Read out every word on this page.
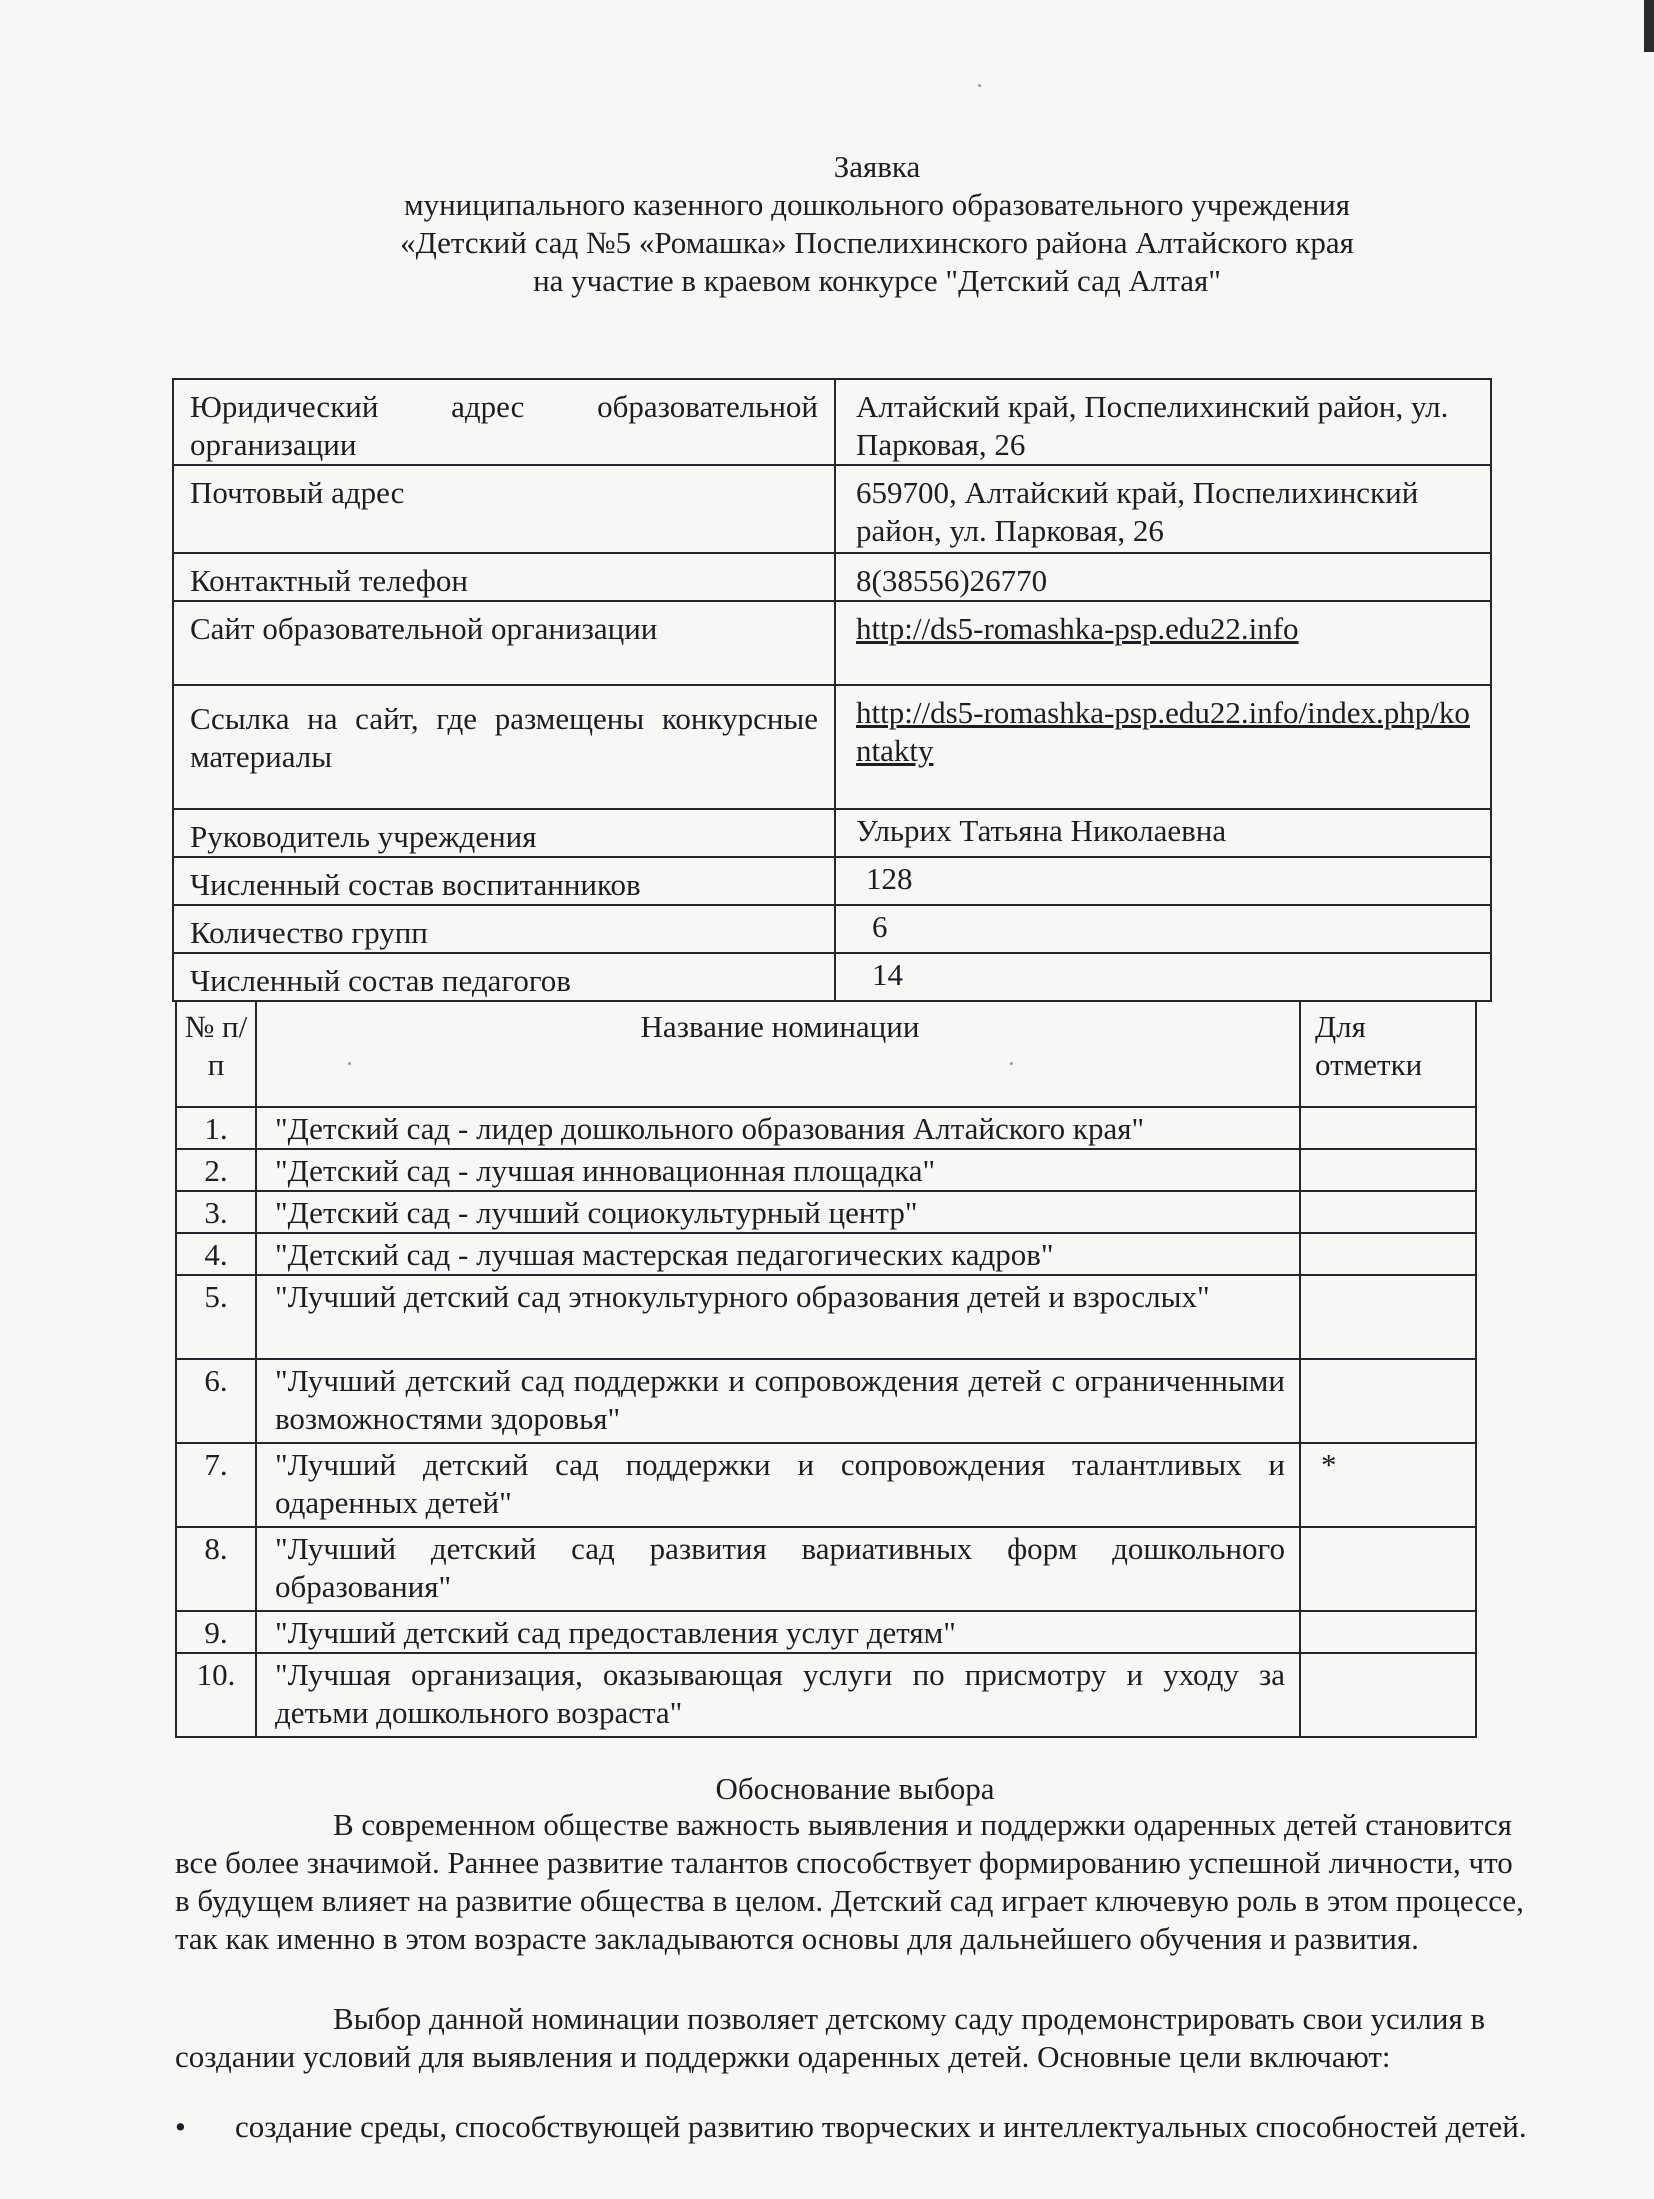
Заявка
муниципального казенного дошкольного образовательного учреждения
«Детский сад №5 «Ромашка» Поспелихинского района Алтайского края
на участие в краевом конкурсе "Детский сад Алтая"
Юридический адрес образовательной организации	Алтайский край, Поспелихинский район, ул. Парковая, 26
Почтовый адрес	659700, Алтайский край, Поспелихинский район, ул. Парковая, 26
Контактный телефон	8(38556)26770
Сайт образовательной организации	http://ds5-romashka-psp.edu22.info
Ссылка на сайт, где размещены конкурсные материалы	http://ds5-romashka-psp.edu22.info/index.php/kontakty
Руководитель учреждения	Ульрих Татьяна Николаевна
Численный состав воспитанников	128
Количество групп	6
Численный состав педагогов	14
№ п/п	Название номинации	Для отметки
1.	"Детский сад - лидер дошкольного образования Алтайского края"	
2.	"Детский сад - лучшая инновационная площадка"	
3.	"Детский сад - лучший социокультурный центр"	
4.	"Детский сад - лучшая мастерская педагогических кадров"	
5.	"Лучший детский сад этнокультурного образования детей и взрослых"	
6.	"Лучший детский сад поддержки и сопровождения детей с ограниченными возможностями здоровья"	
7.	"Лучший детский сад поддержки и сопровождения талантливых и одаренных детей"	*
8.	"Лучший детский сад развития вариативных форм дошкольного образования"	
9.	"Лучший детский сад предоставления услуг детям"	
10.	"Лучшая организация, оказывающая услуги по присмотру и уходу за детьми дошкольного возраста"	
Обоснование выбора
В современном обществе важность выявления и поддержки одаренных детей становится все более значимой. Раннее развитие талантов способствует формированию успешной личности, что в будущем влияет на развитие общества в целом. Детский сад играет ключевую роль в этом процессе, так как именно в этом возрасте закладываются основы для дальнейшего обучения и развития.
Выбор данной номинации позволяет детскому саду продемонстрировать свои усилия в создании условий для выявления и поддержки одаренных детей. Основные цели включают:
•	создание среды, способствующей развитию творческих и интеллектуальных способностей детей.
